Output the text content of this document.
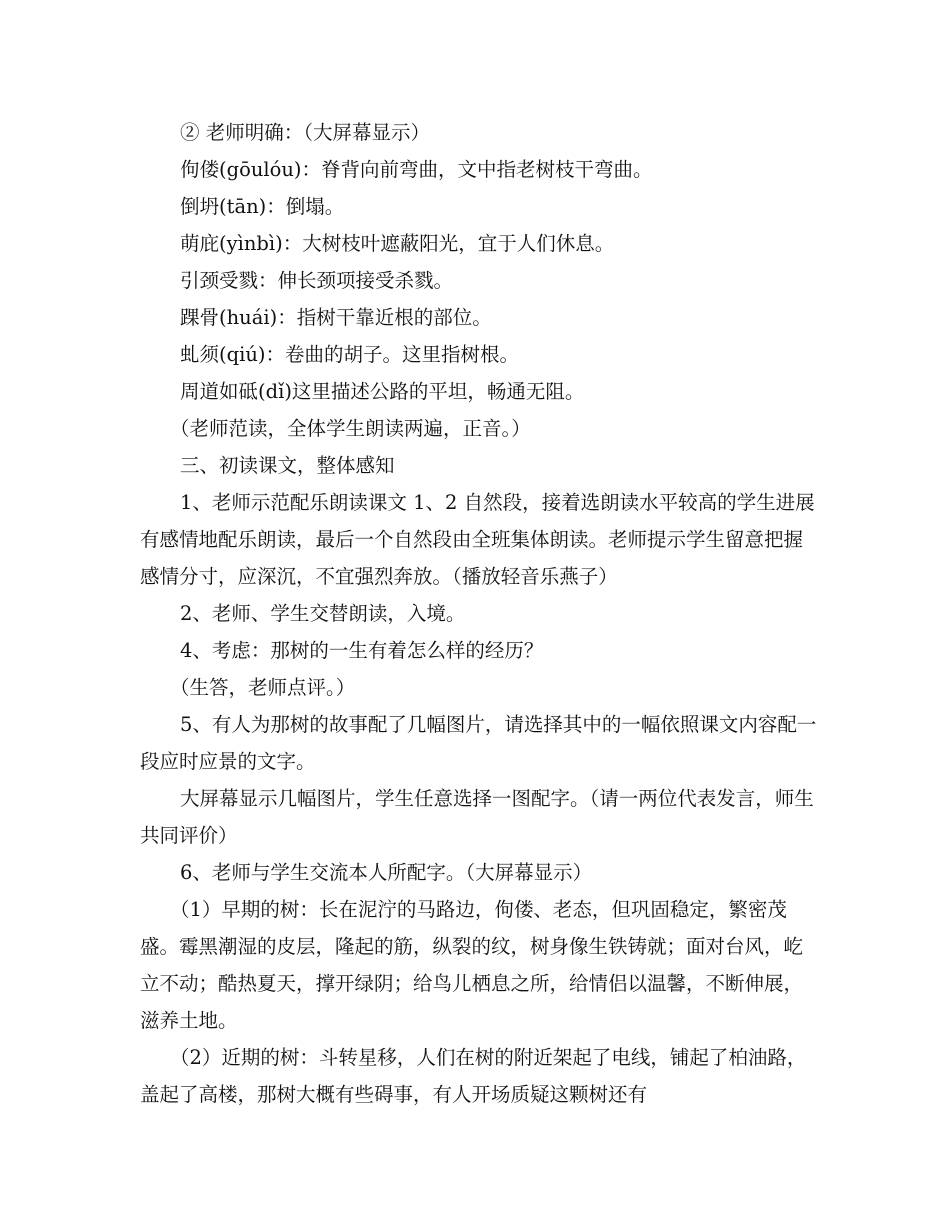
② 老师明确：（大屏幕显示）

佝偻(gōulóu)：脊背向前弯曲，文中指老树枝干弯曲。

倒坍(tān)：倒塌。

萌庇(yìnbì)：大树枝叶遮蔽阳光，宜于人们休息。

引颈受戮：伸长颈项接受杀戮。

踝骨(huái)：指树干靠近根的部位。

虬须(qiú)：卷曲的胡子。这里指树根。

周道如砥(dǐ)这里描述公路的平坦，畅通无阻。

（老师范读，全体学生朗读两遍，正音。）

三、初读课文，整体感知

1、老师示范配乐朗读课文 1、2 自然段，接着选朗读水平较高的学生进展有感情地配乐朗读，最后一个自然段由全班集体朗读。老师提示学生留意把握感情分寸，应深沉，不宜强烈奔放。（播放轻音乐燕子）

2、老师、学生交替朗读，入境。

4、考虑：那树的一生有着怎么样的经历？

（生答，老师点评。）

5、有人为那树的故事配了几幅图片，请选择其中的一幅依照课文内容配一段应时应景的文字。

大屏幕显示几幅图片，学生任意选择一图配字。（请一两位代表发言，师生共同评价）

6、老师与学生交流本人所配字。（大屏幕显示）

（1）早期的树：长在泥泞的马路边，佝偻、老态，但巩固稳定，繁密茂盛。霉黑潮湿的皮层，隆起的筋，纵裂的纹，树身像生铁铸就；面对台风，屹立不动；酷热夏天，撑开绿阴；给鸟儿栖息之所，给情侣以温馨，不断伸展，滋养土地。

（2）近期的树：斗转星移，人们在树的附近架起了电线，铺起了柏油路，盖起了高楼，那树大概有些碍事，有人开场质疑这颗树还有
